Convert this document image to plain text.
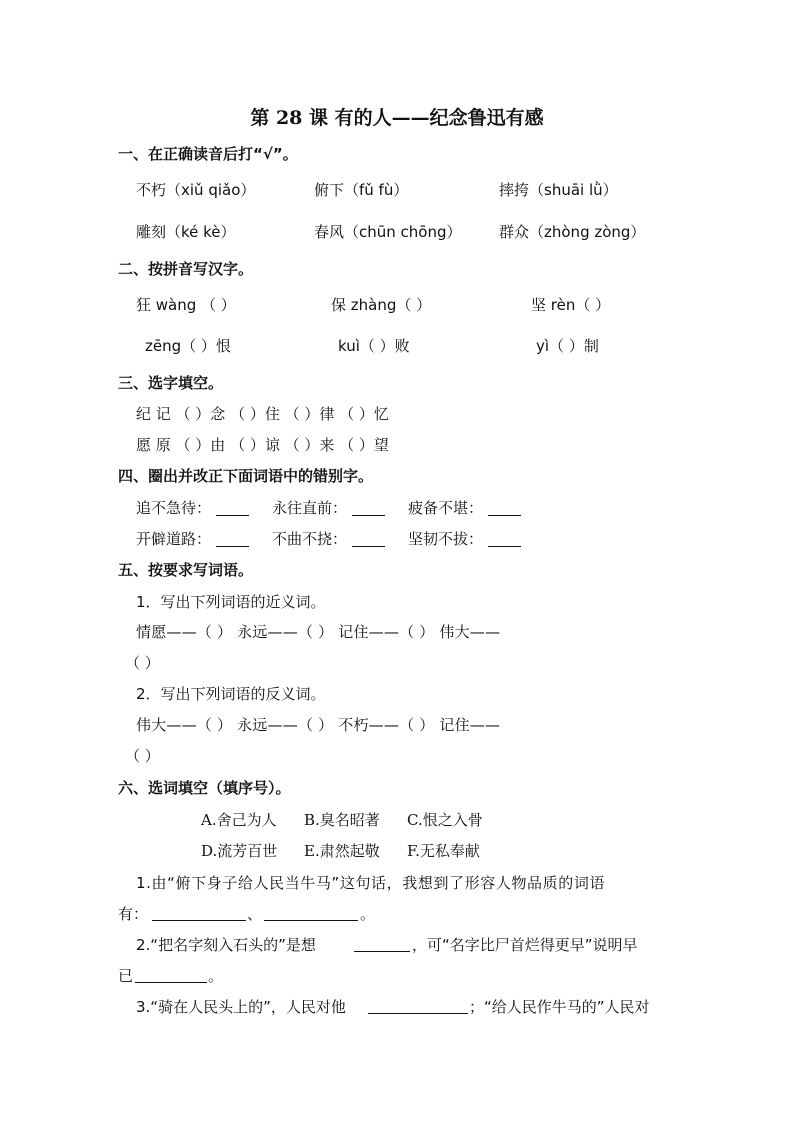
第 28 课 有的人——纪念鲁迅有感
一、在正确读音后打“√”。
不朽（xiǔ qiǎo）	俯下（fǔ fù）	摔挎（shuāi lǜ）
雕刻（ké kè）	春风（chūn chōng）	群众（zhòng zòng）
二、按拼音写汉字。
狂 wàng （ ）	保 zhàng（ ）	坚 rèn（ ）
zēng（ ）恨	kuì（ ）败	yì（ ）制
三、选字填空。
纪 记 （ ）念 （ ）住 （ ）律 （ ）忆
愿 原 （ ）由 （ ）谅 （ ）来 （ ）望
四、圈出并改正下面词语中的错别字。
追不急待：	永往直前：	疲备不堪：
开僻道路：	不曲不挠：	坚韧不拔：
五、按要求写词语。
1．写出下列词语的近义词。
情愿——（ ） 永远——（ ） 记住——（ ） 伟大——
（ ）
2．写出下列词语的反义词。
伟大——（ ） 永远——（ ） 不朽——（ ） 记住——
（ ）
六、选词填空（填序号）。
A.舍己为人 B.臭名昭著 C.恨之入骨
D.流芳百世 E.肃然起敬 F.无私奉献
1.由“俯下身子给人民当牛马”这句话，我想到了形容人物品质的词语
有：	、	。
2.“把名字刻入石头的”是想	，可“名字比尸首烂得更早”说明早
已	。
3.“骑在人民头上的”，人民对他	；“给人民作牛马的”人民对
